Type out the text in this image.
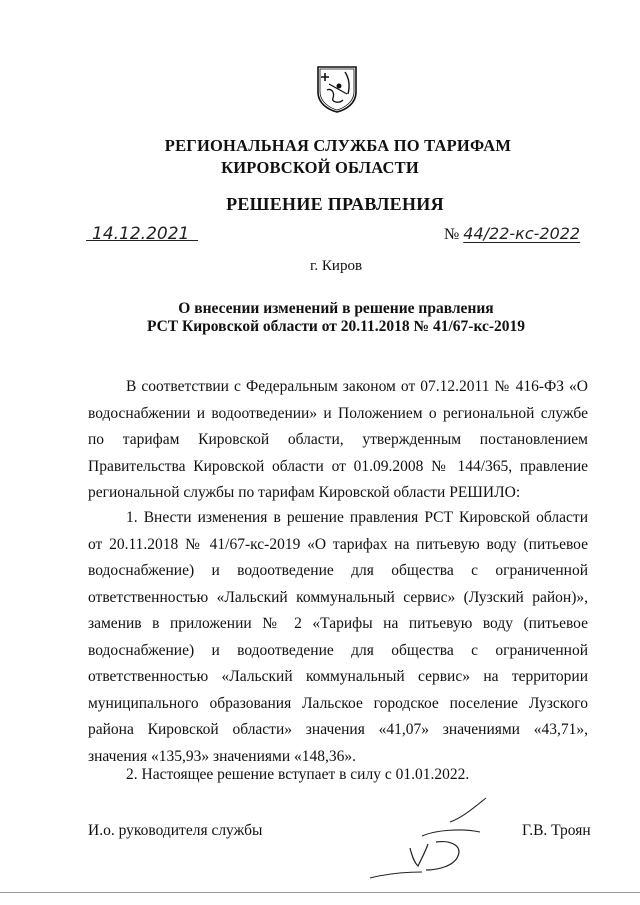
РЕГИОНАЛЬНАЯ СЛУЖБА ПО ТАРИФАМ
КИРОВСКОЙ ОБЛАСТИ
РЕШЕНИЕ ПРАВЛЕНИЯ
14.12.2021	№ 44/22-кс-2022
г. Киров
О внесении изменений в решение правления
РСТ Кировской области от 20.11.2018 № 41/67-кс-2019
В соответствии с Федеральным законом от 07.12.2011 № 416-ФЗ «О водоснабжении и водоотведении» и Положением о региональной службе по тарифам Кировской области, утвержденным постановлением Правительства Кировской области от 01.09.2008 № 144/365, правление региональной службы по тарифам Кировской области РЕШИЛО:
1. Внести изменения в решение правления РСТ Кировской области от 20.11.2018 № 41/67-кс-2019 «О тарифах на питьевую воду (питьевое водоснабжение) и водоотведение для общества с ограниченной ответственностью «Лальский коммунальный сервис» (Лузский район)», заменив в приложении № 2 «Тарифы на питьевую воду (питьевое водоснабжение) и водоотведение для общества с ограниченной ответственностью «Лальский коммунальный сервис» на территории муниципального образования Лальское городское поселение Лузского района Кировской области» значения «41,07» значениями «43,71», значения «135,93» значениями «148,36».
2. Настоящее решение вступает в силу с 01.01.2022.
И.о. руководителя службы	Г.В. Троян
